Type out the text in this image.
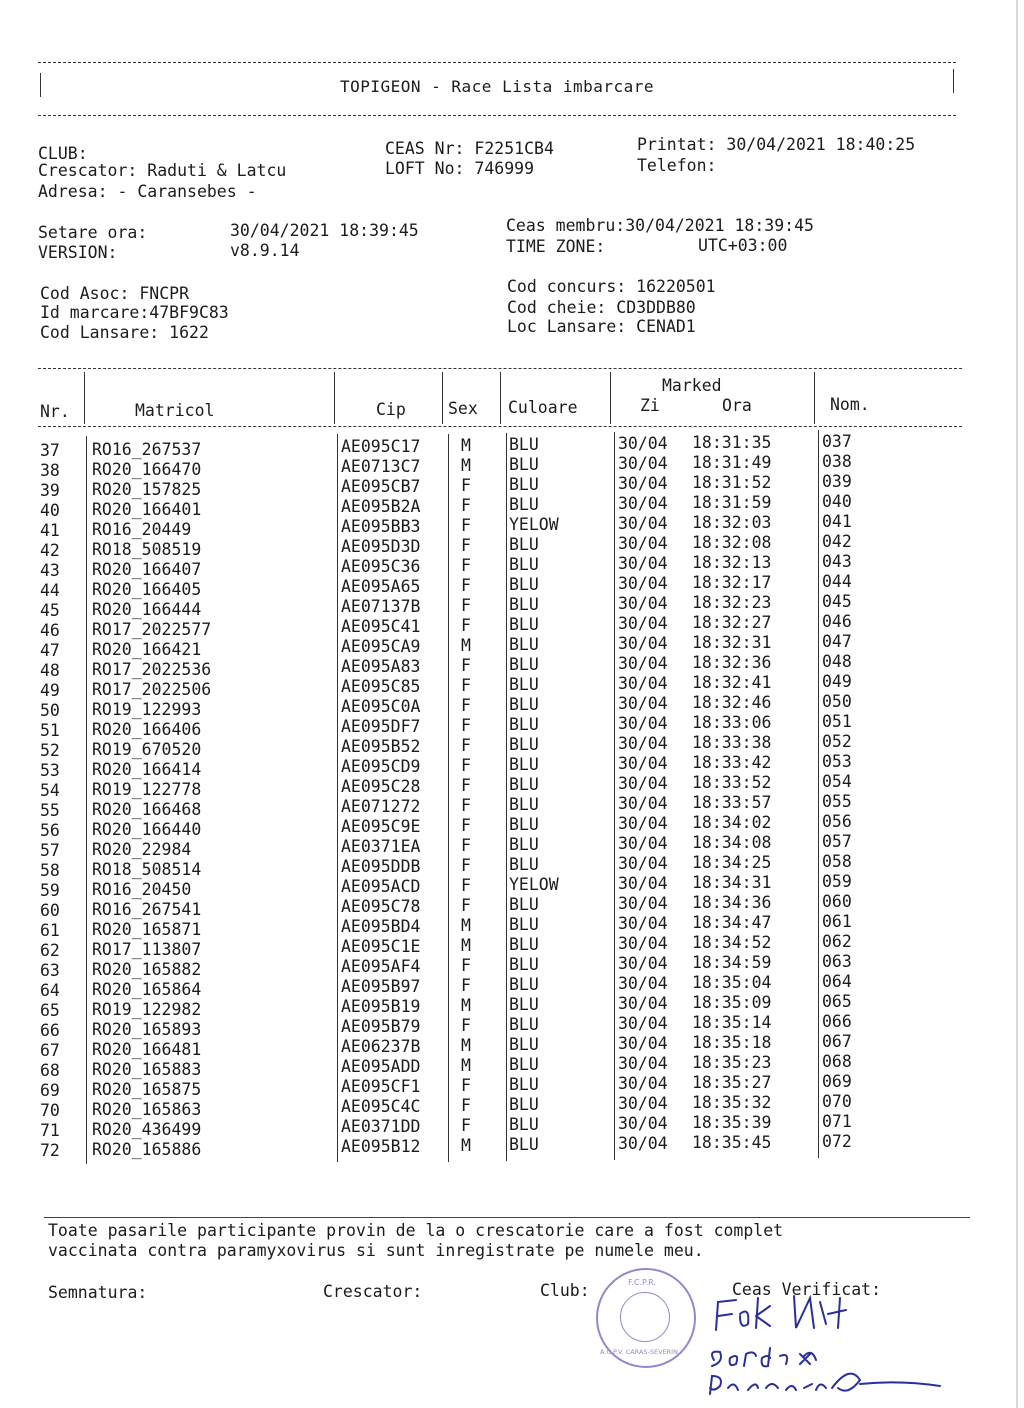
TOPIGEON - Race Lista imbarcare
CLUB:
Crescator: Raduti & Latcu
Adresa: - Caransebes -
CEAS Nr: F2251CB4
LOFT No: 746999
Printat: 30/04/2021 18:40:25
Telefon:
Setare ora:	30/04/2021 18:39:45
VERSION:	v8.9.14
Ceas membru:30/04/2021 18:39:45
TIME ZONE:	UTC+03:00
Cod Asoc: FNCPR
Id marcare:47BF9C83
Cod Lansare: 1622
Cod concurs: 16220501
Cod cheie: CD3DDB80
Loc Lansare: CENAD1
Nr.	Matricol	Cip	Sex Culoare
Marked
Zi	Ora	Nom.
37 RO16_267537	AE095C17 M BLU	30/04 18:31:35	037
38 RO20_166470	AE0713C7 M BLU	30/04 18:31:49	038
39 RO20_157825	AE095CB7 F BLU	30/04 18:31:52	039
40 RO20_166401	AE095B2A F BLU	30/04 18:31:59	040
41 RO16_20449	AE095BB3 F YELOW	30/04 18:32:03	041
42 RO18_508519	AE095D3D F BLU	30/04 18:32:08	042
43 RO20_166407	AE095C36 F BLU	30/04 18:32:13	043
44 RO20_166405	AE095A65 F BLU	30/04 18:32:17	044
45 RO20_166444	AE07137B F BLU	30/04 18:32:23	045
46 RO17_2022577	AE095C41 F BLU	30/04 18:32:27	046
47 RO20_166421	AE095CA9 M BLU	30/04 18:32:31	047
48 RO17_2022536	AE095A83 F BLU	30/04 18:32:36	048
49 RO17_2022506	AE095C85 F BLU	30/04 18:32:41	049
50 RO19_122993	AE095C0A F BLU	30/04 18:32:46	050
51 RO20_166406	AE095DF7 F BLU	30/04 18:33:06	051
52 RO19_670520	AE095B52 F BLU	30/04 18:33:38	052
53 RO20_166414	AE095CD9 F BLU	30/04 18:33:42	053
54 RO19_122778	AE095C28 F BLU	30/04 18:33:52	054
55 RO20_166468	AE071272 F BLU	30/04 18:33:57	055
56 RO20_166440	AE095C9E F BLU	30/04 18:34:02	056
57 RO20_22984	AE0371EA F BLU	30/04 18:34:08	057
58 RO18_508514	AE095DDB F BLU	30/04 18:34:25	058
59 RO16_20450	AE095ACD F YELOW	30/04 18:34:31	059
60 RO16_267541	AE095C78 F BLU	30/04 18:34:36	060
61 RO20_165871	AE095BD4 M BLU	30/04 18:34:47	061
62 RO17_113807	AE095C1E M BLU	30/04 18:34:52	062
63 RO20_165882	AE095AF4 F BLU	30/04 18:34:59	063
64 RO20_165864	AE095B97 F BLU	30/04 18:35:04	064
65 RO19_122982	AE095B19 M BLU	30/04 18:35:09	065
66 RO20_165893	AE095B79 F BLU	30/04 18:35:14	066
67 RO20_166481	AE06237B M BLU	30/04 18:35:18	067
68 RO20_165883	AE095ADD M BLU	30/04 18:35:23	068
69 RO20_165875	AE095CF1 F BLU	30/04 18:35:27	069
70 RO20_165863	AE095C4C F BLU	30/04 18:35:32	070
71 RO20_436499	AE0371DD F BLU	30/04 18:35:39	071
72 RO20_165886	AE095B12 M BLU	30/04 18:35:45	072
Toate pasarile participante provin de la o crescatorie care a fost complet
vaccinata contra paramyxovirus si sunt inregistrate pe numele meu.
Semnatura:	Crescator:	Club:	Ceas Verificat:
F.C.P.R.
A.C.P.V. CARAS-SEVERIN
